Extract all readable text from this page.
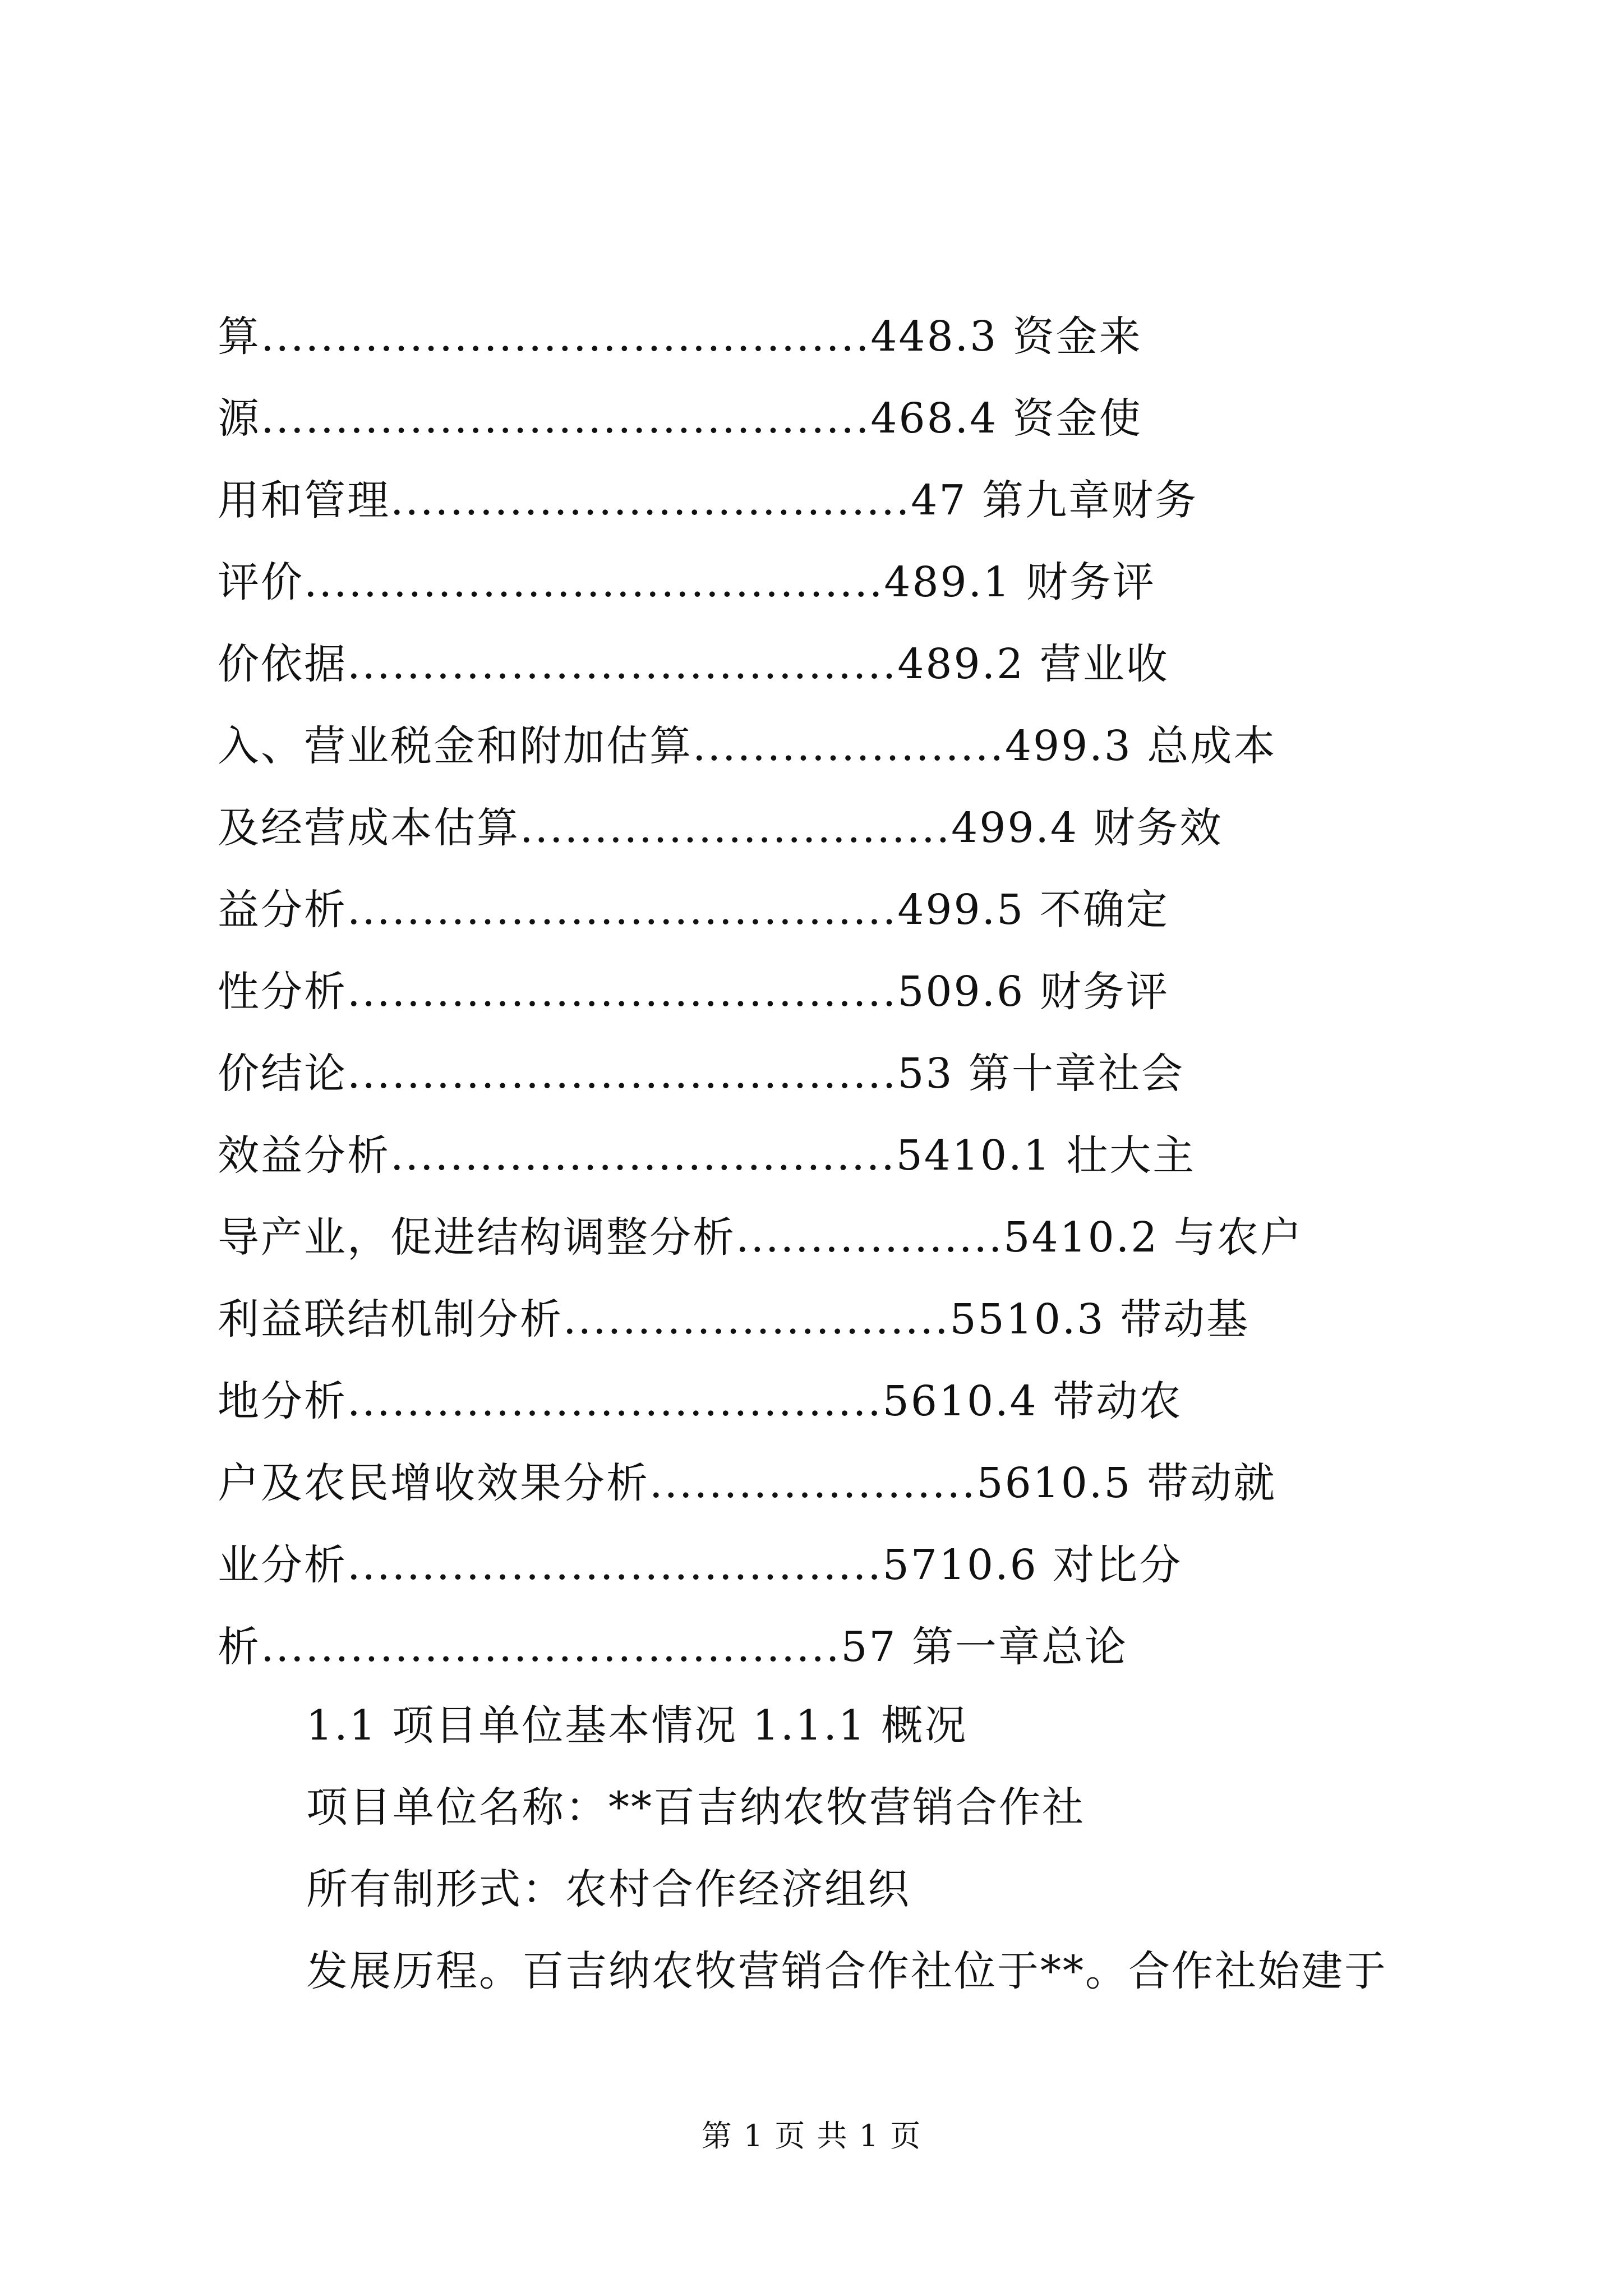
算.........................................448.3 资金来
源.........................................468.4 资金使
用和管理...................................47 第九章财务
评价.......................................489.1 财务评
价依据.....................................489.2 营业收
入、营业税金和附加估算.....................499.3 总成本
及经营成本估算.............................499.4 财务效
益分析.....................................499.5 不确定
性分析.....................................509.6 财务评
价结论.....................................53 第十章社会
效益分析..................................5410.1 壮大主
导产业，促进结构调整分析..................5410.2 与农户
利益联结机制分析..........................5510.3 带动基
地分析....................................5610.4 带动农
户及农民增收效果分析......................5610.5 带动就
业分析....................................5710.6 对比分
析.......................................57 第一章总论
1.1 项目单位基本情况 1.1.1 概况
项目单位名称：**百吉纳农牧营销合作社
所有制形式：农村合作经济组织
发展历程。百吉纳农牧营销合作社位于**。合作社始建于
第 1 页 共 1 页
